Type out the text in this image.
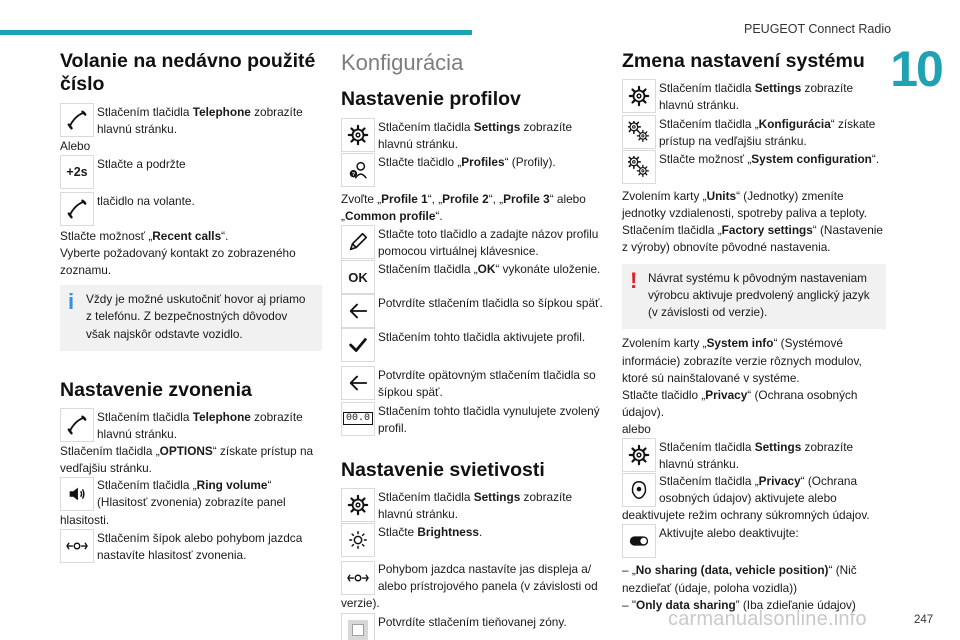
PEUGEOT Connect Radio
10
carmanualsonline.info	247
Volanie na nedávno použité číslo
Stlačením tlačidla Telephone zobrazíte hlavnú stránku.
Alebo
+2s
Stlačte a podržte
tlačidlo na volante.
Stlačte možnosť „Recent calls“.
Vyberte požadovaný kontakt zo zobrazeného zoznamu.
i	Vždy je možné uskutočniť hovor aj priamo z telefónu. Z bezpečnostných dôvodov však najskôr odstavte vozidlo.
Nastavenie zvonenia
Stlačením tlačidla Telephone zobrazíte hlavnú stránku.
Stlačením tlačidla „OPTIONS“ získate prístup na vedľajšiu stránku.
Stlačením tlačidla „Ring volume“ (Hlasitosť zvonenia) zobrazíte panel hlasitosti.
Stlačením šípok alebo pohybom jazdca nastavíte hlasitosť zvonenia.
Konfigurácia
Nastavenie profilov
Stlačením tlačidla Settings zobrazíte hlavnú stránku.
?
Stlačte tlačidlo „Profiles“ (Profily).
Zvoľte „Profile 1“, „Profile 2“, „Profile 3“ alebo „Common profile“.
Stlačte toto tlačidlo a zadajte názov profilu pomocou virtuálnej klávesnice.
OK
Stlačením tlačidla „OK“ vykonáte uloženie.
Potvrdíte stlačením tlačidla so šípkou späť.
Stlačením tohto tlačidla aktivujete profil.
Potvrdíte opätovným stlačením tlačidla so šípkou späť.
00.0
Stlačením tohto tlačidla vynulujete zvolený profil.
Nastavenie svietivosti
Stlačením tlačidla Settings zobrazíte hlavnú stránku.
Stlačte Brightness.
Pohybom jazdca nastavíte jas displeja a/ alebo prístrojového panela (v závislosti od verzie).
Potvrdíte stlačením tieňovanej zóny.
Zmena nastavení systému
Stlačením tlačidla Settings zobrazíte hlavnú stránku.
Stlačením tlačidla „Konfigurácia“ získate prístup na vedľajšiu stránku.
Stlačte možnosť „System configuration“.
Zvolením karty „Units“ (Jednotky) zmeníte jednotky vzdialenosti, spotreby paliva a teploty.
Stlačením tlačidla „Factory settings“ (Nastavenie z výroby) obnovíte pôvodné nastavenia.
! Návrat systému k pôvodným nastaveniam výrobcu aktivuje predvolený anglický jazyk (v závislosti od verzie).
Zvolením karty „System info“ (Systémové informácie) zobrazíte verzie rôznych modulov, ktoré sú nainštalované v systéme.
Stlačte tlačidlo „Privacy“ (Ochrana osobných údajov).
alebo
Stlačením tlačidla Settings zobrazíte hlavnú stránku.
Stlačením tlačidla „Privacy“ (Ochrana osobných údajov) aktivujete alebo deaktivujete režim ochrany súkromných údajov.
Aktivujte alebo deaktivujte:
– „No sharing (data, vehicle position)“ (Nič nezdieľať (údaje, poloha vozidla))
– "Only data sharing” (Iba zdieľanie údajov)
